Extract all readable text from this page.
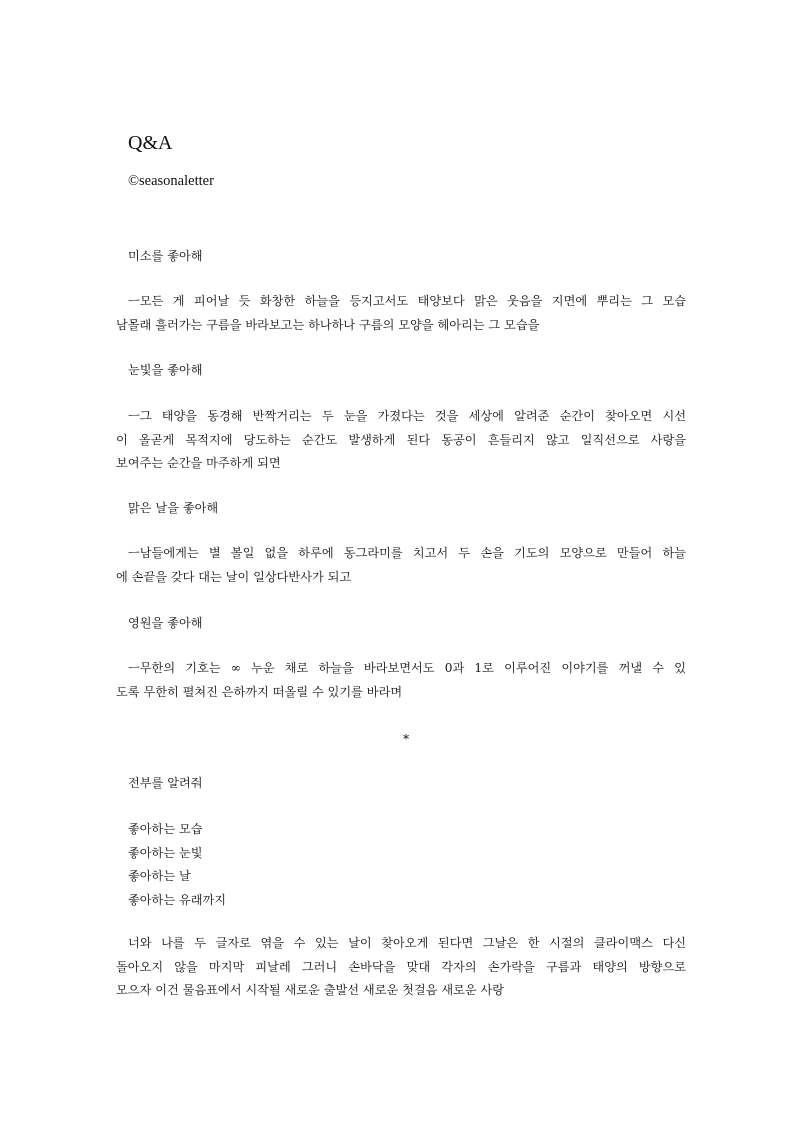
Q&A
©seasonaletter
미소를 좋아해
ㅡ모든 게 피어날 듯 화창한 하늘을 등지고서도 태양보다 맑은 웃음을 지면에 뿌리는 그 모습
남몰래 흘러가는 구름을 바라보고는 하나하나 구름의 모양을 헤아리는 그 모습을
눈빛을 좋아해
ㅡ그 태양을 동경해 반짝거리는 두 눈을 가졌다는 것을 세상에 알려준 순간이 찾아오면 시선
이 올곧게 목적지에 당도하는 순간도 발생하게 된다 동공이 흔들리지 않고 일직선으로 사랑을
보여주는 순간을 마주하게 되면
맑은 날을 좋아해
ㅡ남들에게는 별 볼일 없을 하루에 동그라미를 치고서 두 손을 기도의 모양으로 만들어 하늘
에 손끝을 갖다 대는 날이 일상다반사가 되고
영원을 좋아해
ㅡ무한의 기호는 ∞ 누운 채로 하늘을 바라보면서도 0과 1로 이루어진 이야기를 꺼낼 수 있
도록 무한히 펼쳐진 은하까지 떠올릴 수 있기를 바라며
*
전부를 알려줘
좋아하는 모습
좋아하는 눈빛
좋아하는 날
좋아하는 유래까지
너와 나를 두 글자로 엮을 수 있는 날이 찾아오게 된다면 그날은 한 시절의 클라이맥스 다신
돌아오지 않을 마지막 피날레 그러니 손바닥을 맞대 각자의 손가락을 구름과 태양의 방향으로
모으자 이건 물음표에서 시작될 새로운 출발선 새로운 첫걸음 새로운 사랑
